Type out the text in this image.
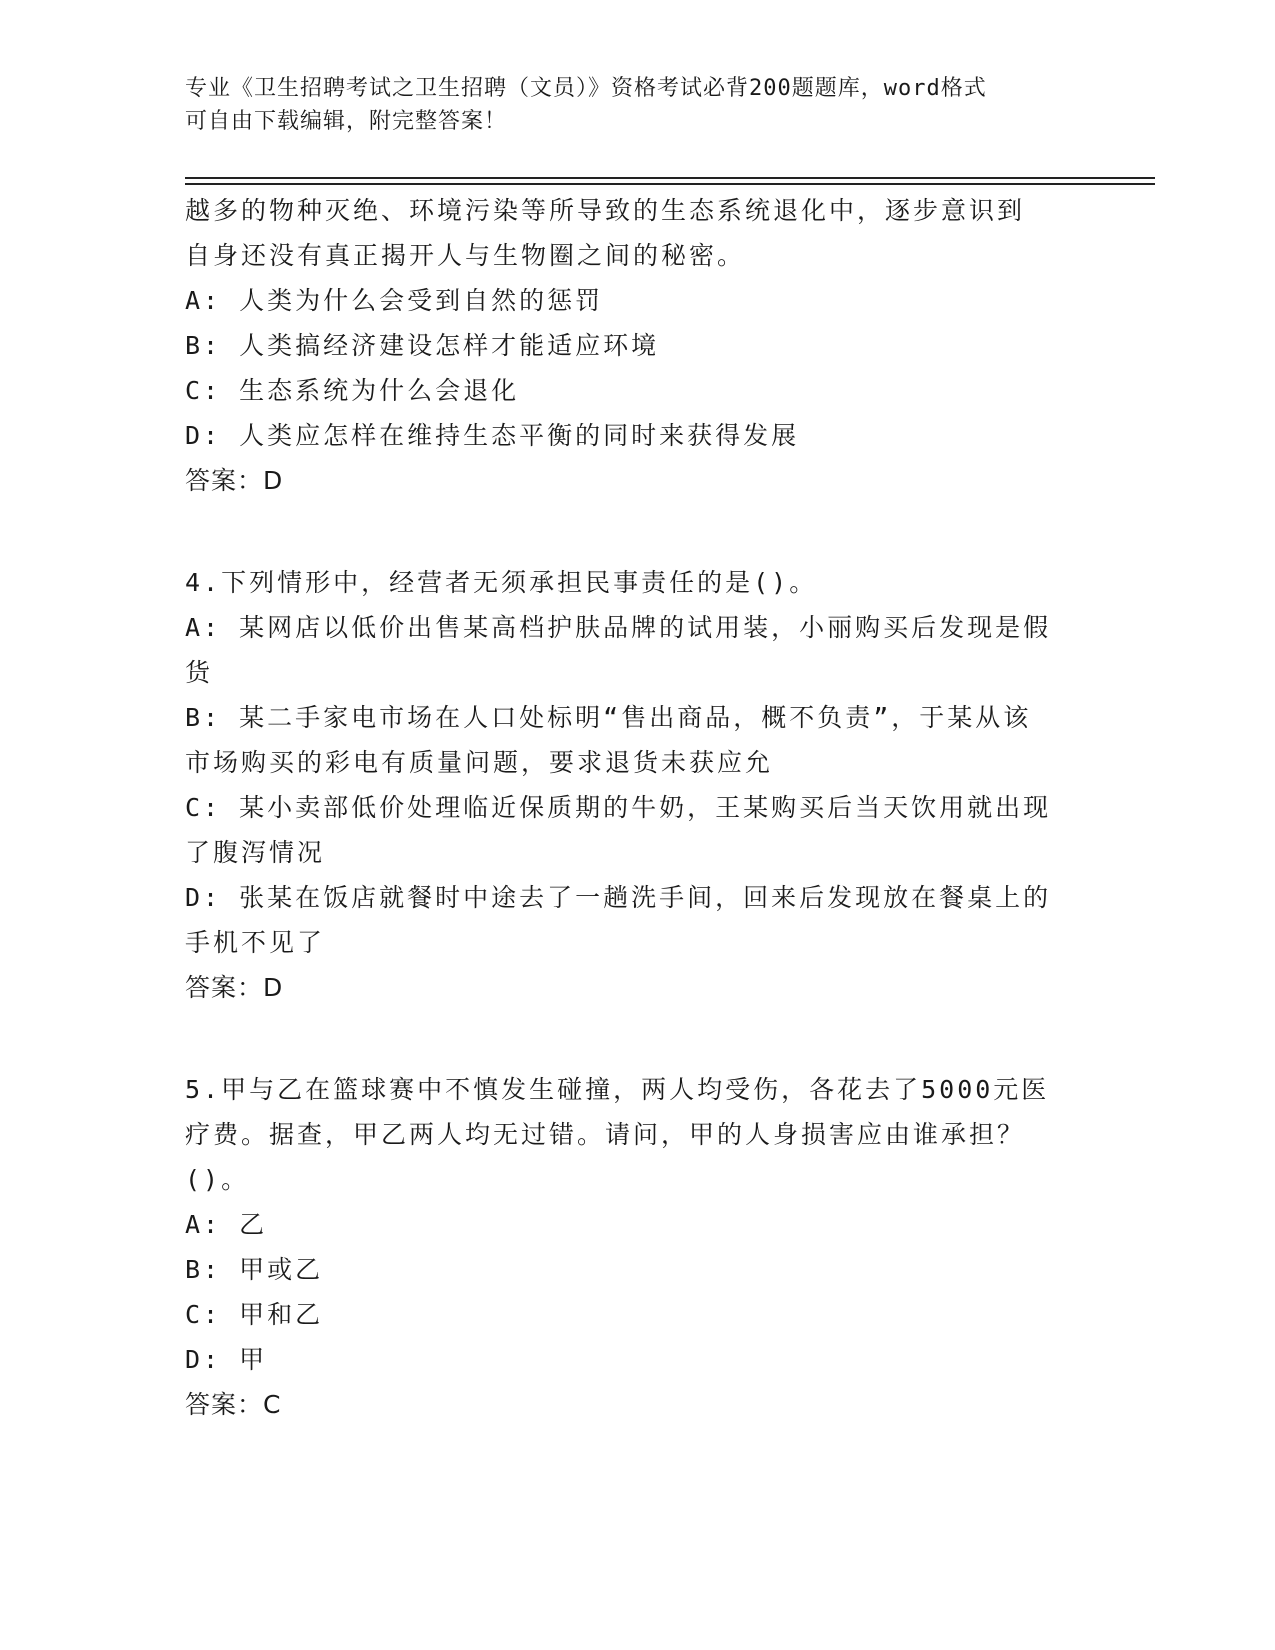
专业《卫生招聘考试之卫生招聘（文员）》资格考试必背200题题库，word格式
可自由下载编辑，附完整答案！
越多的物种灭绝、环境污染等所导致的生态系统退化中，逐步意识到
自身还没有真正揭开人与生物圈之间的秘密。
A: 人类为什么会受到自然的惩罚
B: 人类搞经济建设怎样才能适应环境
C: 生态系统为什么会退化
D: 人类应怎样在维持生态平衡的同时来获得发展
答案：D
4.下列情形中，经营者无须承担民事责任的是()。
A: 某网店以低价出售某高档护肤品牌的试用装，小丽购买后发现是假
货
B: 某二手家电市场在人口处标明“售出商品，概不负责”，于某从该
市场购买的彩电有质量问题，要求退货未获应允
C: 某小卖部低价处理临近保质期的牛奶，王某购买后当天饮用就出现
了腹泻情况
D: 张某在饭店就餐时中途去了一趟洗手间，回来后发现放在餐桌上的
手机不见了
答案：D
5.甲与乙在篮球赛中不慎发生碰撞，两人均受伤，各花去了5000元医
疗费。据查，甲乙两人均无过错。请问，甲的人身损害应由谁承担？
()。
A: 乙
B: 甲或乙
C: 甲和乙
D: 甲
答案：C
